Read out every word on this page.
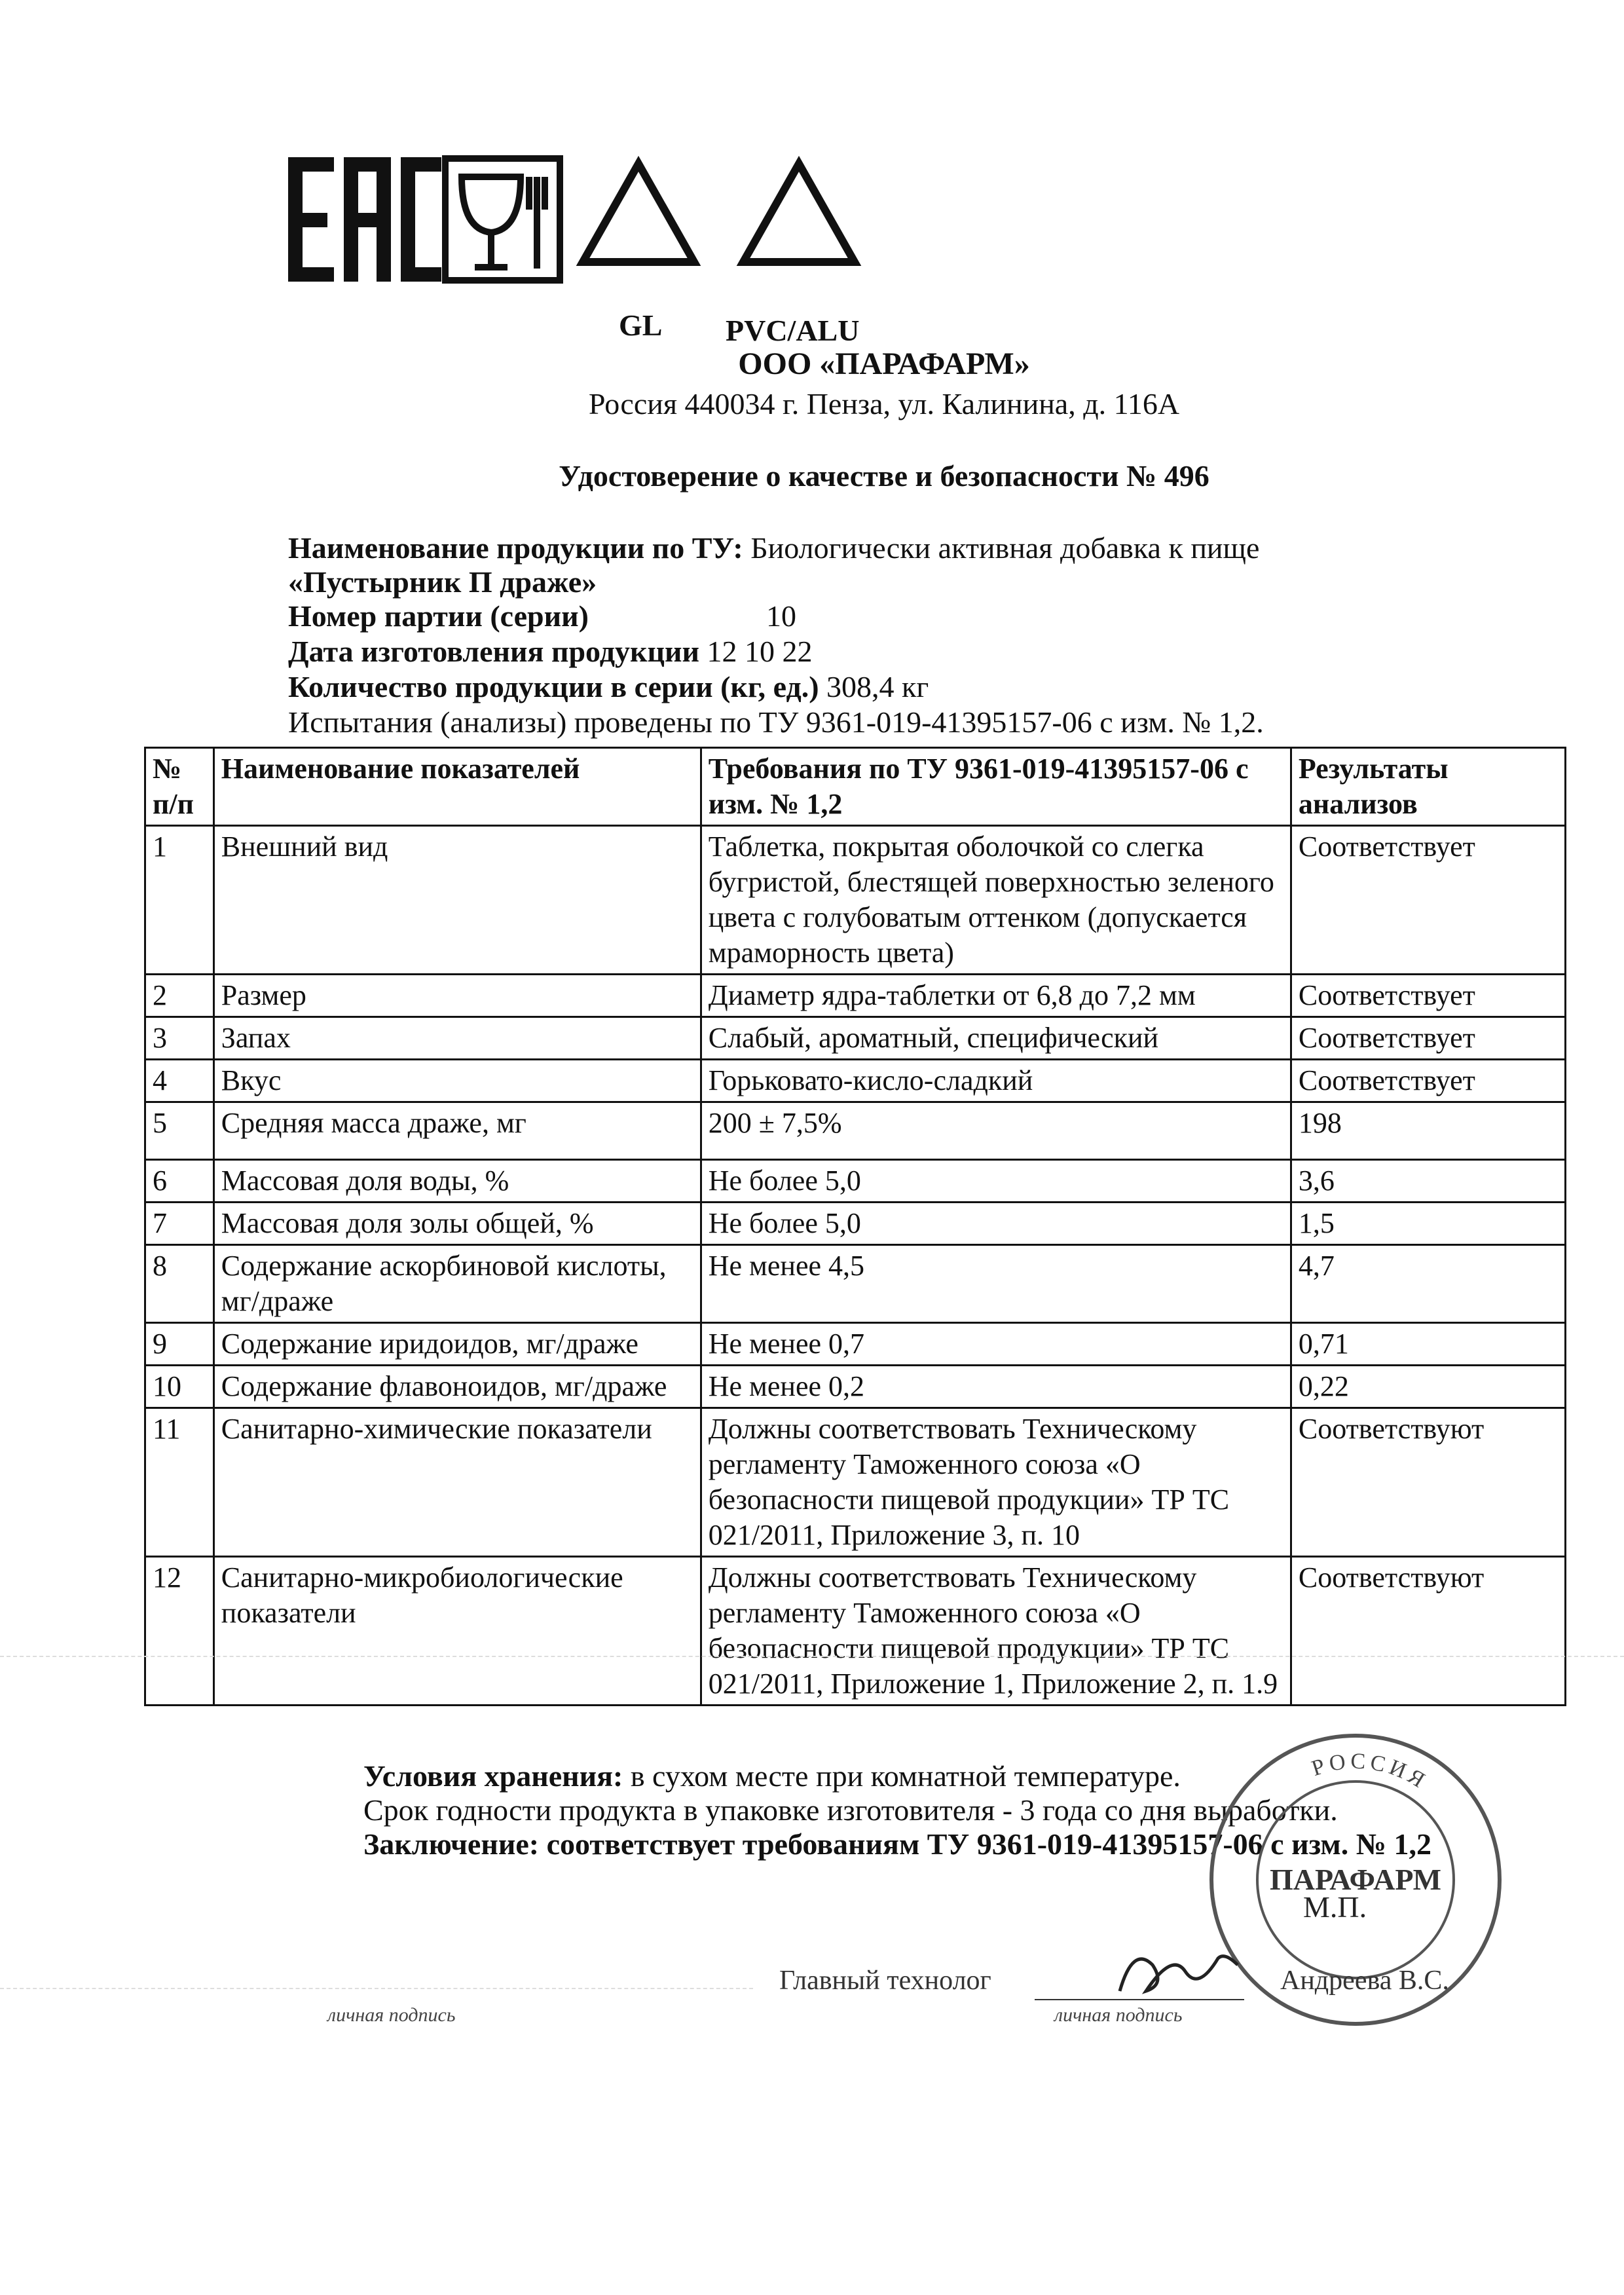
GL PVC/ALU
ООО «ПАРАФАРМ»
Россия 440034 г. Пенза, ул. Калинина, д. 116А
Удостоверение о качестве и безопасности № 496
Наименование продукции по ТУ: Биологически активная добавка к пище
«Пустырник П драже»
Номер партии (серии)	10
Дата изготовления продукции 12 10 22
Количество продукции в серии (кг, ед.) 308,4 кг
Испытания (анализы) проведены по ТУ 9361-019-41395157-06 с изм. № 1,2.
№ п/п	Наименование показателей	Требования по ТУ 9361-019-41395157-06 с изм. № 1,2	Результаты анализов
1	Внешний вид	Таблетка, покрытая оболочкой со слегка бугристой, блестящей поверхностью зеленого цвета с голубоватым оттенком (допускается мраморность цвета)	Соответствует
2	Размер	Диаметр ядра-таблетки от 6,8 до 7,2 мм	Соответствует
3	Запах	Слабый, ароматный, специфический	Соответствует
4	Вкус	Горьковато-кисло-сладкий	Соответствует
5	Средняя масса драже, мг	200 ± 7,5%	198
6	Массовая доля воды, %	Не более 5,0	3,6
7	Массовая доля золы общей, %	Не более 5,0	1,5
8	Содержание аскорбиновой кислоты, мг/драже	Не менее 4,5	4,7
9	Содержание иридоидов, мг/драже	Не менее 0,7	0,71
10	Содержание флавоноидов, мг/драже	Не менее 0,2	0,22
11	Санитарно-химические показатели	Должны соответствовать Техническому регламенту Таможенного союза «О безопасности пищевой продукции» ТР ТС 021/2011, Приложение 3, п. 10	Соответствуют
12	Санитарно-микробиологические показатели	Должны соответствовать Техническому регламенту Таможенного союза «О безопасности пищевой продукции» ТР ТС 021/2011, Приложение 1, Приложение 2, п. 1.9	Соответствуют
Условия хранения: в сухом месте при комнатной температуре.
Срок годности продукта в упаковке изготовителя - 3 года со дня выработки.
Заключение: соответствует требованиям ТУ 9361-019-41395157-06 с изм. № 1,2
РОССИЯ
ПАРАФАРМ
М.П.
Главный технолог	Андреева В.С.
личная подпись	личная подпись
